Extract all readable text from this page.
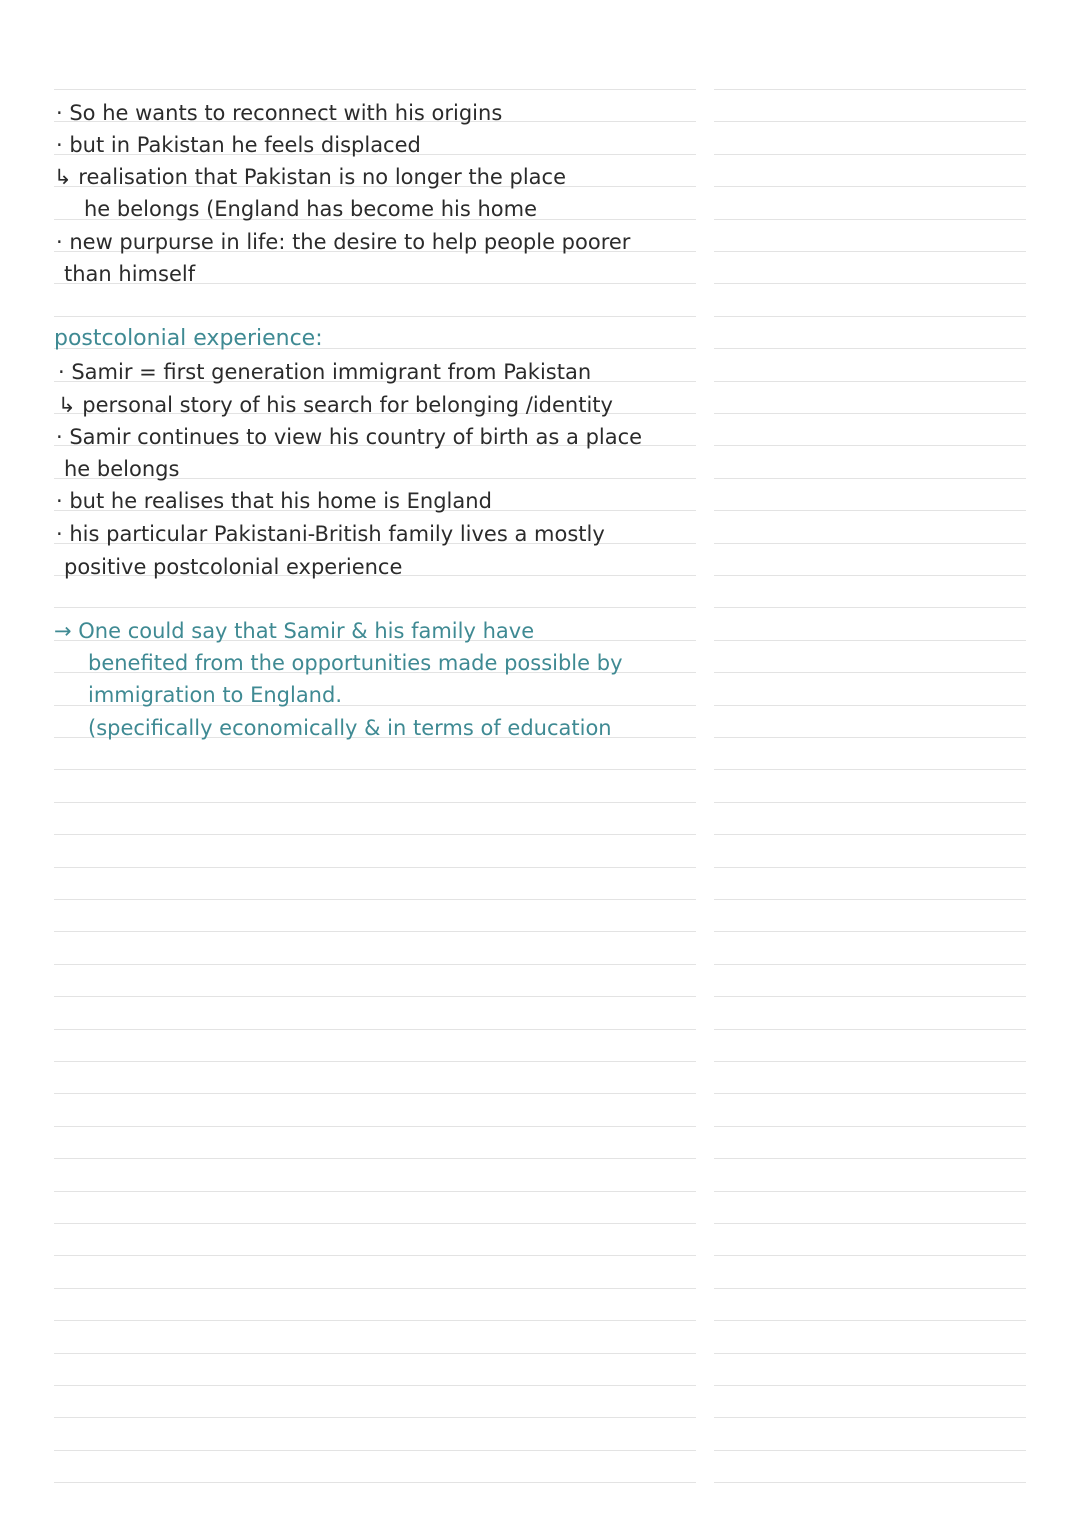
· So he wants to reconnect with his origins
· but in Pakistan he feels displaced
↳ realisation that Pakistan is no longer the place
he belongs (England has become his home
· new purpurse in life: the desire to help people poorer
than himself
postcolonial experience:
· Samir = first generation immigrant from Pakistan
↳ personal story of his search for belonging /identity
· Samir continues to view his country of birth as a place
he belongs
· but he realises that his home is England
· his particular Pakistani-British family lives a mostly
positive postcolonial experience
→ One could say that Samir & his family have
benefited from the opportunities made possible by
immigration to England.
(specifically economically & in terms of education
